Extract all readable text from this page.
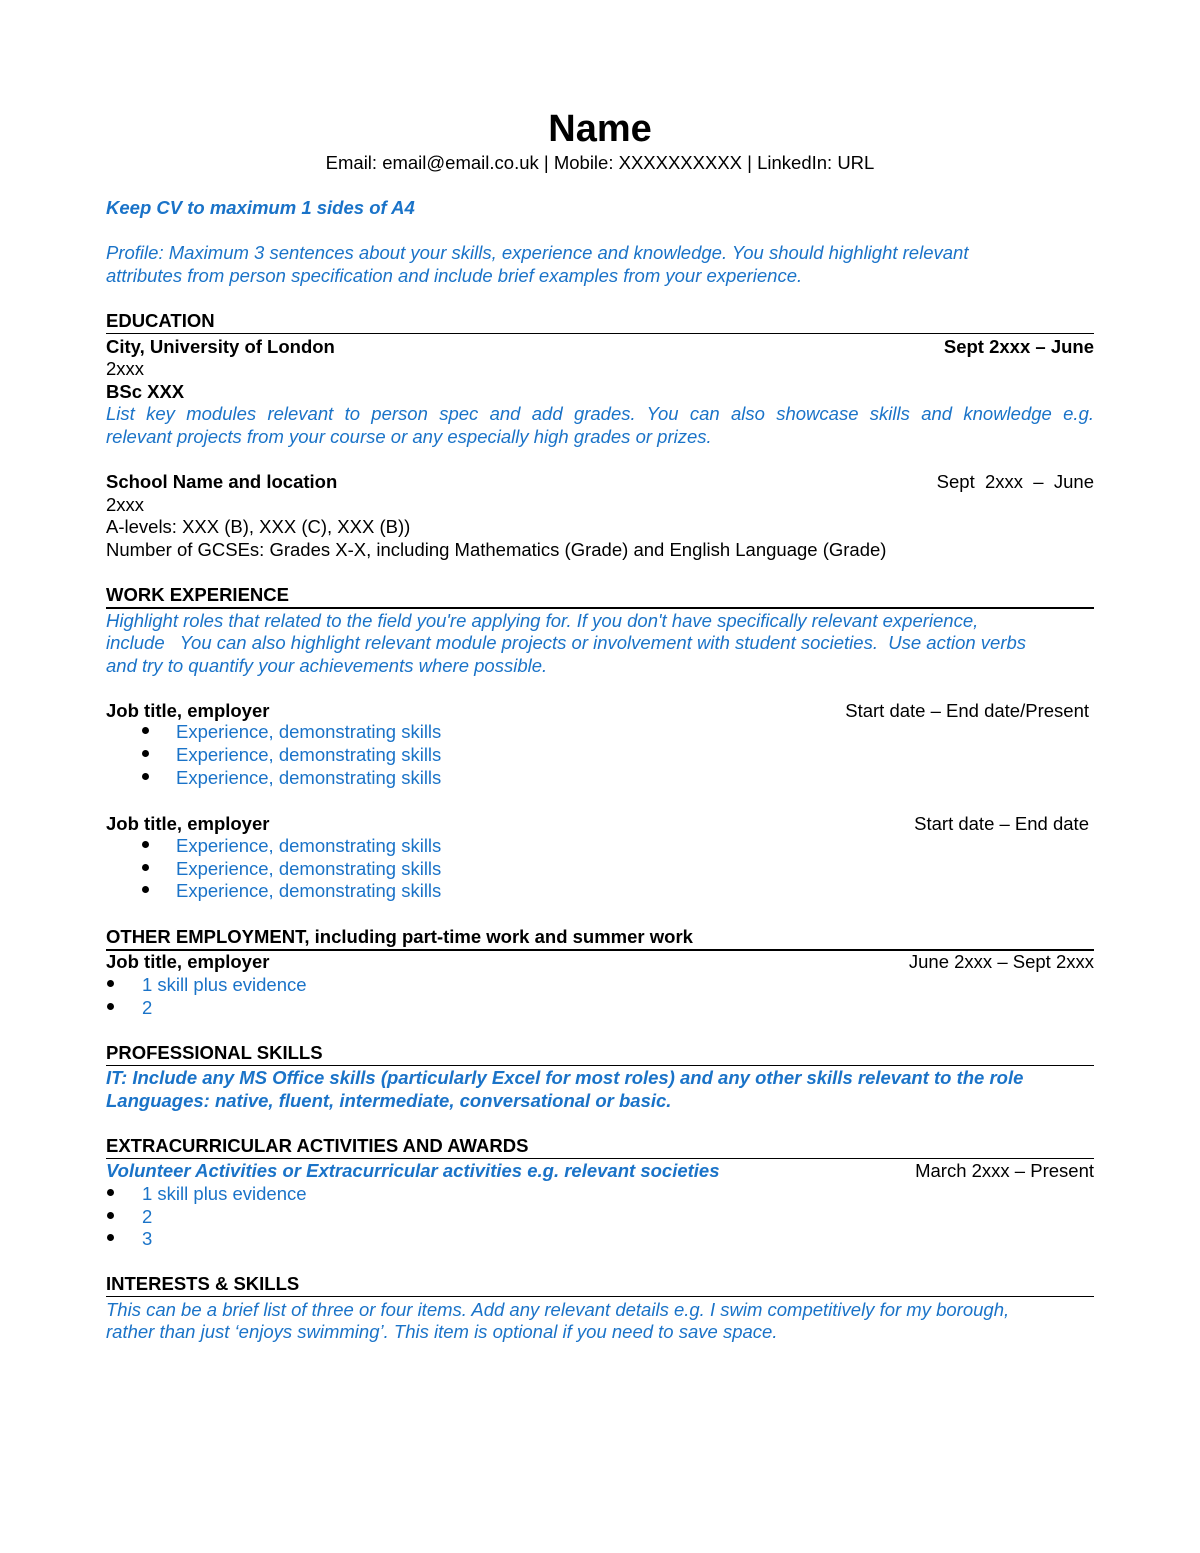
Name
Email: email@email.co.uk | Mobile: XXXXXXXXXX | LinkedIn: URL
Keep CV to maximum 1 sides of A4
Profile: Maximum 3 sentences about your skills, experience and knowledge. You should highlight relevant
attributes from person specification and include brief examples from your experience.
EDUCATION
City, University of London	Sept 2xxx – June
2xxx
BSc XXX
List key modules relevant to person spec and add grades. You can also showcase skills and knowledge e.g.
relevant projects from your course or any especially high grades or prizes.
School Name and location	Sept  2xxx  –  June
2xxx
A-levels: XXX (B), XXX (C), XXX (B))
Number of GCSEs: Grades X-X, including Mathematics (Grade) and English Language (Grade)
WORK EXPERIENCE
Highlight roles that related to the field you're applying for. If you don't have specifically relevant experience,
include   You can also highlight relevant module projects or involvement with student societies.  Use action verbs
and try to quantify your achievements where possible.
Job title, employer	Start date – End date/Present
Experience, demonstrating skills
Experience, demonstrating skills
Experience, demonstrating skills
Job title, employer	Start date – End date
Experience, demonstrating skills
Experience, demonstrating skills
Experience, demonstrating skills
OTHER EMPLOYMENT, including part-time work and summer work
Job title, employer	June 2xxx – Sept 2xxx
1 skill plus evidence
2
PROFESSIONAL SKILLS
IT: Include any MS Office skills (particularly Excel for most roles) and any other skills relevant to the role
Languages: native, fluent, intermediate, conversational or basic.
EXTRACURRICULAR ACTIVITIES AND AWARDS
Volunteer Activities or Extracurricular activities e.g. relevant societies	March 2xxx – Present
1 skill plus evidence
2
3
INTERESTS & SKILLS
This can be a brief list of three or four items. Add any relevant details e.g. I swim competitively for my borough,
rather than just ‘enjoys swimming’. This item is optional if you need to save space.
